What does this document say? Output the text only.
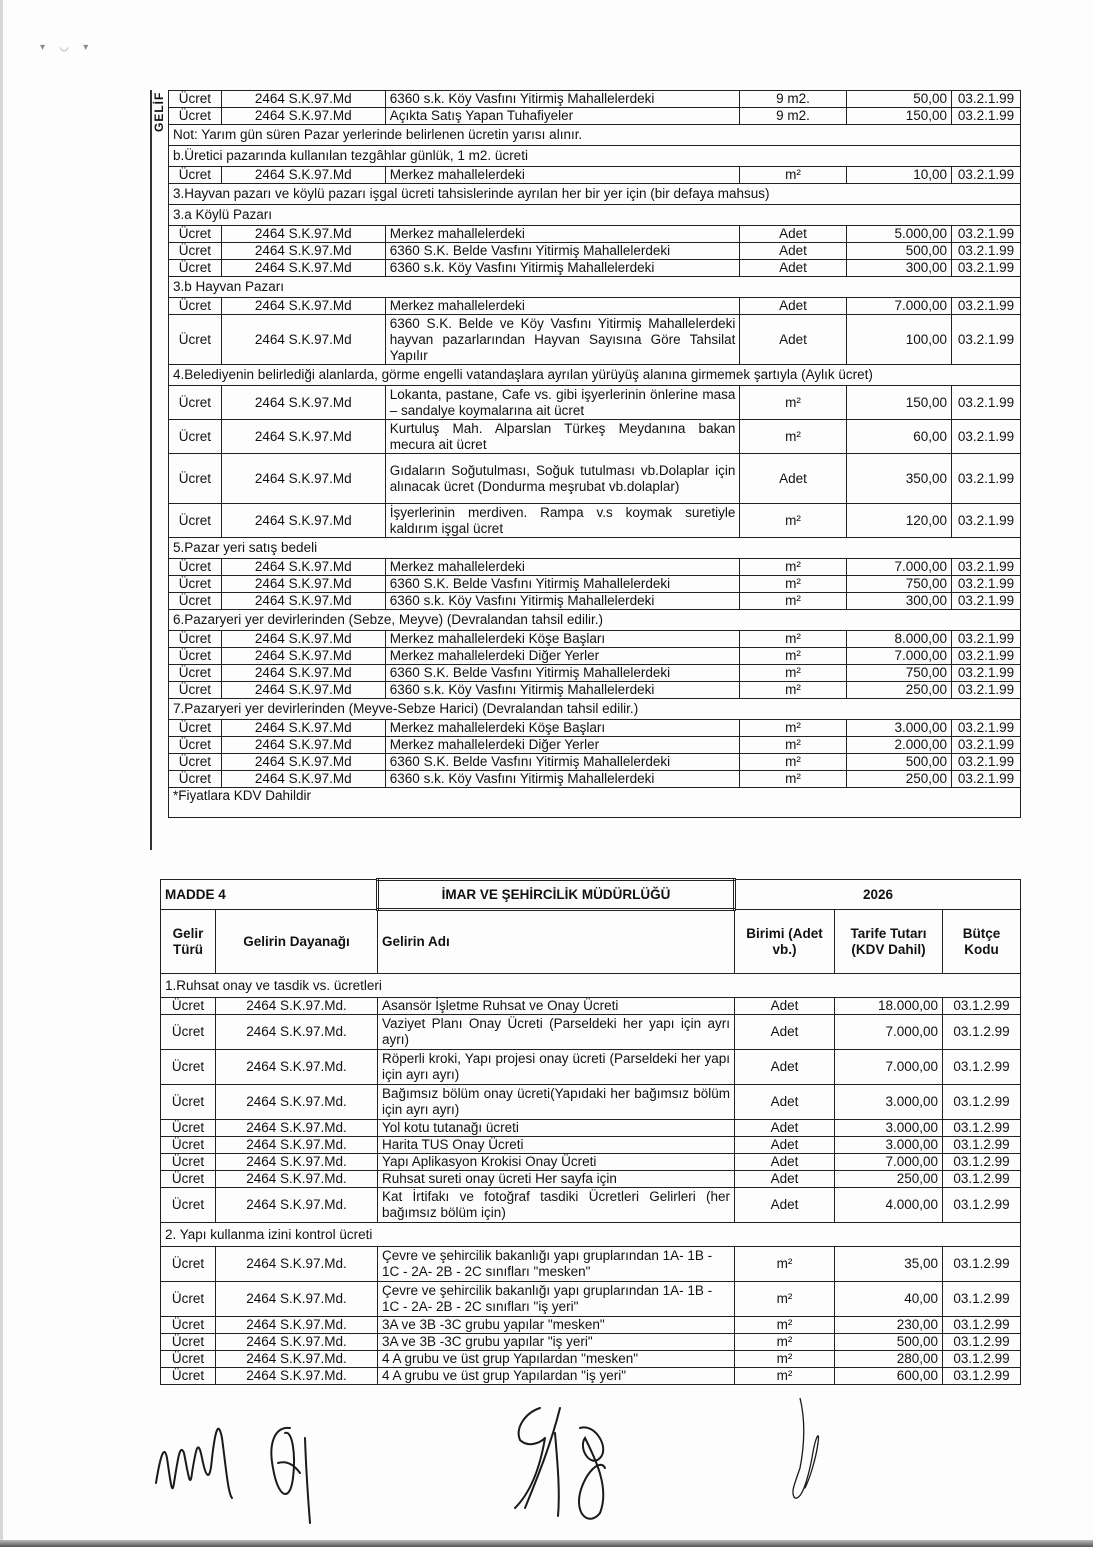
▾ ◡ ▾
GELİF Ücret	2464 S.K.97.Md	6360 s.k. Köy Vasfını Yitirmiş Mahallelerdeki	9 m2.	50,00	03.2.1.99
Ücret	2464 S.K.97.Md	Açıkta Satış Yapan Tuhafiyeler	9 m2.	150,00	03.2.1.99
Not: Yarım gün süren Pazar yerlerinde belirlenen ücretin yarısı alınır.					
b.Üretici pazarında kullanılan tezgâhlar günlük, 1 m2. ücreti					
Ücret	2464 S.K.97.Md	Merkez mahallelerdeki	m²	10,00	03.2.1.99
3.Hayvan pazarı ve köylü pazarı işgal ücreti tahsislerinde ayrılan her bir yer için (bir defaya mahsus)					
3.a Köylü Pazarı					
Ücret	2464 S.K.97.Md	Merkez mahallelerdeki	Adet	5.000,00	03.2.1.99
Ücret	2464 S.K.97.Md	6360 S.K. Belde Vasfını Yitirmiş Mahallelerdeki	Adet	500,00	03.2.1.99
Ücret	2464 S.K.97.Md	6360 s.k. Köy Vasfını Yitirmiş Mahallelerdeki	Adet	300,00	03.2.1.99
3.b Hayvan Pazarı					
Ücret	2464 S.K.97.Md	Merkez mahallelerdeki	Adet	7.000,00	03.2.1.99
Ücret	2464 S.K.97.Md	6360 S.K. Belde ve Köy Vasfını Yitirmiş Mahallelerdeki hayvan pazarlarından Hayvan Sayısına Göre Tahsilat Yapılır	Adet	100,00	03.2.1.99
4.Belediyenin belirlediği alanlarda, görme engelli vatandaşlara ayrılan yürüyüş alanına girmemek şartıyla (Aylık ücret)					
Ücret	2464 S.K.97.Md	Lokanta, pastane, Cafe vs. gibi işyerlerinin önlerine masa – sandalye koymalarına ait ücret	m²	150,00	03.2.1.99
Ücret	2464 S.K.97.Md	Kurtuluş Mah. Alparslan Türkeş Meydanına bakan mecura ait ücret	m²	60,00	03.2.1.99
Ücret	2464 S.K.97.Md	Gıdaların Soğutulması, Soğuk tutulması vb.Dolaplar için alınacak ücret (Dondurma meşrubat vb.dolaplar)	Adet	350,00	03.2.1.99
Ücret	2464 S.K.97.Md	İşyerlerinin merdiven. Rampa v.s koymak suretiyle kaldırım işgal ücret	m²	120,00	03.2.1.99
5.Pazar yeri satış bedeli					
Ücret	2464 S.K.97.Md	Merkez mahallelerdeki	m²	7.000,00	03.2.1.99
Ücret	2464 S.K.97.Md	6360 S.K. Belde Vasfını Yitirmiş Mahallelerdeki	m²	750,00	03.2.1.99
Ücret	2464 S.K.97.Md	6360 s.k. Köy Vasfını Yitirmiş Mahallelerdeki	m²	300,00	03.2.1.99
6.Pazaryeri yer devirlerinden (Sebze, Meyve) (Devralandan tahsil edilir.)					
Ücret	2464 S.K.97.Md	Merkez mahallelerdeki Köşe Başları	m²	8.000,00	03.2.1.99
Ücret	2464 S.K.97.Md	Merkez mahallelerdeki Diğer Yerler	m²	7.000,00	03.2.1.99
Ücret	2464 S.K.97.Md	6360 S.K. Belde Vasfını Yitirmiş Mahallelerdeki	m²	750,00	03.2.1.99
Ücret	2464 S.K.97.Md	6360 s.k. Köy Vasfını Yitirmiş Mahallelerdeki	m²	250,00	03.2.1.99
7.Pazaryeri yer devirlerinden (Meyve-Sebze Harici) (Devralandan tahsil edilir.)					
Ücret	2464 S.K.97.Md	Merkez mahallelerdeki Köşe Başları	m²	3.000,00	03.2.1.99
Ücret	2464 S.K.97.Md	Merkez mahallelerdeki Diğer Yerler	m²	2.000,00	03.2.1.99
Ücret	2464 S.K.97.Md	6360 S.K. Belde Vasfını Yitirmiş Mahallelerdeki	m²	500,00	03.2.1.99
Ücret	2464 S.K.97.Md	6360 s.k. Köy Vasfını Yitirmiş Mahallelerdeki	m²	250,00	03.2.1.99
*Fiyatlara KDV Dahildir					
MADDE 4		İMAR VE ŞEHİRCİLİK MÜDÜRLÜĞÜ	2026		
Gelir Türü	Gelirin Dayanağı	Gelirin Adı	Birimi (Adet vb.)	Tarife Tutarı (KDV Dahil)	Bütçe Kodu
1.Ruhsat onay ve tasdik vs. ücretleri					
Ücret	2464 S.K.97.Md.	Asansör İşletme Ruhsat ve Onay Ücreti	Adet	18.000,00	03.1.2.99
Ücret	2464 S.K.97.Md.	Vaziyet Planı Onay Ücreti (Parseldeki her yapı için ayrı ayrı)	Adet	7.000,00	03.1.2.99
Ücret	2464 S.K.97.Md.	Röperli kroki, Yapı projesi onay ücreti (Parseldeki her yapı için ayrı ayrı)	Adet	7.000,00	03.1.2.99
Ücret	2464 S.K.97.Md.	Bağımsız bölüm onay ücreti(Yapıdaki her bağımsız bölüm için ayrı ayrı)	Adet	3.000,00	03.1.2.99
Ücret	2464 S.K.97.Md.	Yol kotu tutanağı ücreti	Adet	3.000,00	03.1.2.99
Ücret	2464 S.K.97.Md.	Harita TUS Onay Ücreti	Adet	3.000,00	03.1.2.99
Ücret	2464 S.K.97.Md.	Yapı Aplikasyon Krokisi Onay Ücreti	Adet	7.000,00	03.1.2.99
Ücret	2464 S.K.97.Md.	Ruhsat sureti onay ücreti Her sayfa için	Adet	250,00	03.1.2.99
Ücret	2464 S.K.97.Md.	Kat İrtifakı ve fotoğraf tasdiki Ücretleri Gelirleri (her bağımsız bölüm için)	Adet	4.000,00	03.1.2.99
2. Yapı kullanma izini kontrol ücreti					
Ücret	2464 S.K.97.Md.	Çevre ve şehircilik bakanlığı yapı gruplarından 1A- 1B - 1C - 2A- 2B - 2C sınıfları "mesken"	m²	35,00	03.1.2.99
Ücret	2464 S.K.97.Md.	Çevre ve şehircilik bakanlığı yapı gruplarından 1A- 1B - 1C - 2A- 2B - 2C sınıfları "iş yeri"	m²	40,00	03.1.2.99
Ücret	2464 S.K.97.Md.	3A ve 3B -3C grubu yapılar "mesken"	m²	230,00	03.1.2.99
Ücret	2464 S.K.97.Md.	3A ve 3B -3C grubu yapılar "iş yeri"	m²	500,00	03.1.2.99
Ücret	2464 S.K.97.Md.	4 A grubu ve üst grup Yapılardan "mesken"	m²	280,00	03.1.2.99
Ücret	2464 S.K.97.Md.	4 A grubu ve üst grup Yapılardan "iş yeri"	m²	600,00	03.1.2.99
